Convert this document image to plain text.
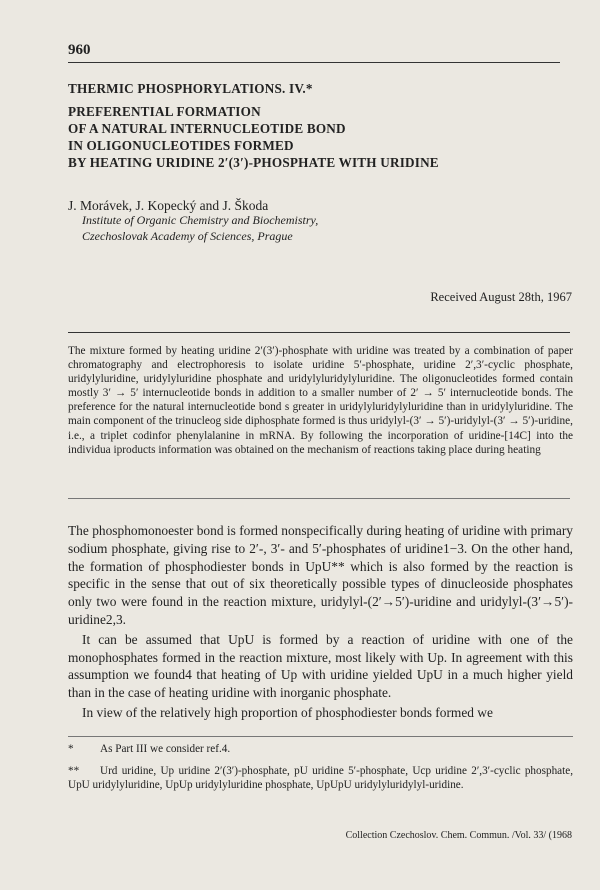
960
THERMIC PHOSPHORYLATIONS. IV.*
PREFERENTIAL FORMATION
OF A NATURAL INTERNUCLEOTIDE BOND
IN OLIGONUCLEOTIDES FORMED
BY HEATING URIDINE 2′(3′)-PHOSPHATE WITH URIDINE
J. Morávek, J. Kopecký and J. Škoda
Institute of Organic Chemistry and Biochemistry,
Czechoslovak Academy of Sciences, Prague
Received August 28th, 1967

The mixture formed by heating uridine 2′(3′)-phosphate with uridine was treated by a combination of paper chromatography and electrophoresis to isolate uridine 5′-phosphate, uridine 2′,3′-cyclic phosphate, uridylyluridine, uridylyluridine phosphate and uridylyluridylyluridine. The oligonucleotides formed contain mostly 3′ → 5′ internucleotide bonds in addition to a smaller number of 2′ → 5′ internucleotide bonds. The preference for the natural internucleotide bond s greater in uridylyluridylyluridine than in uridylyluridine. The main component of the trinucleog side diphosphate formed is thus uridylyl-(3′ → 5′)-uridylyl-(3′ → 5′)-uridine, i.e., a triplet codinfor phenylalanine in mRNA. By following the incorporation of uridine-[14C] into the individua iproducts information was obtained on the mechanism of reactions taking place during heating

The phosphomonoester bond is formed nonspecifically during heating of uridine with primary sodium phosphate, giving rise to 2′-, 3′- and 5′-phosphates of uridine1−3. On the other hand, the formation of phosphodiester bonds in UpU** which is also formed by the reaction is specific in the sense that out of six theoretically possible types of dinucleoside phosphates only two were found in the reaction mixture, uridylyl-(2′→5′)-uridine and uridylyl-(3′→5′)-uridine2,3.

It can be assumed that UpU is formed by a reaction of uridine with one of the monophosphates formed in the reaction mixture, most likely with Up. In agreement with this assumption we found4 that heating of Up with uridine yielded UpU in a much higher yield than in the case of heating uridine with inorganic phosphate.

In view of the relatively high proportion of phosphodiester bonds formed we

* As Part III we consider ref.4.

** Urd uridine, Up uridine 2′(3′)-phosphate, pU uridine 5′-phosphate, Ucp uridine 2′,3′-cyclic phosphate, UpU uridylyluridine, UpUp uridylyluridine phosphate, UpUpU uridylyluridylyl-uridine.

Collection Czechoslov. Chem. Commun. /Vol. 33/ (1968
